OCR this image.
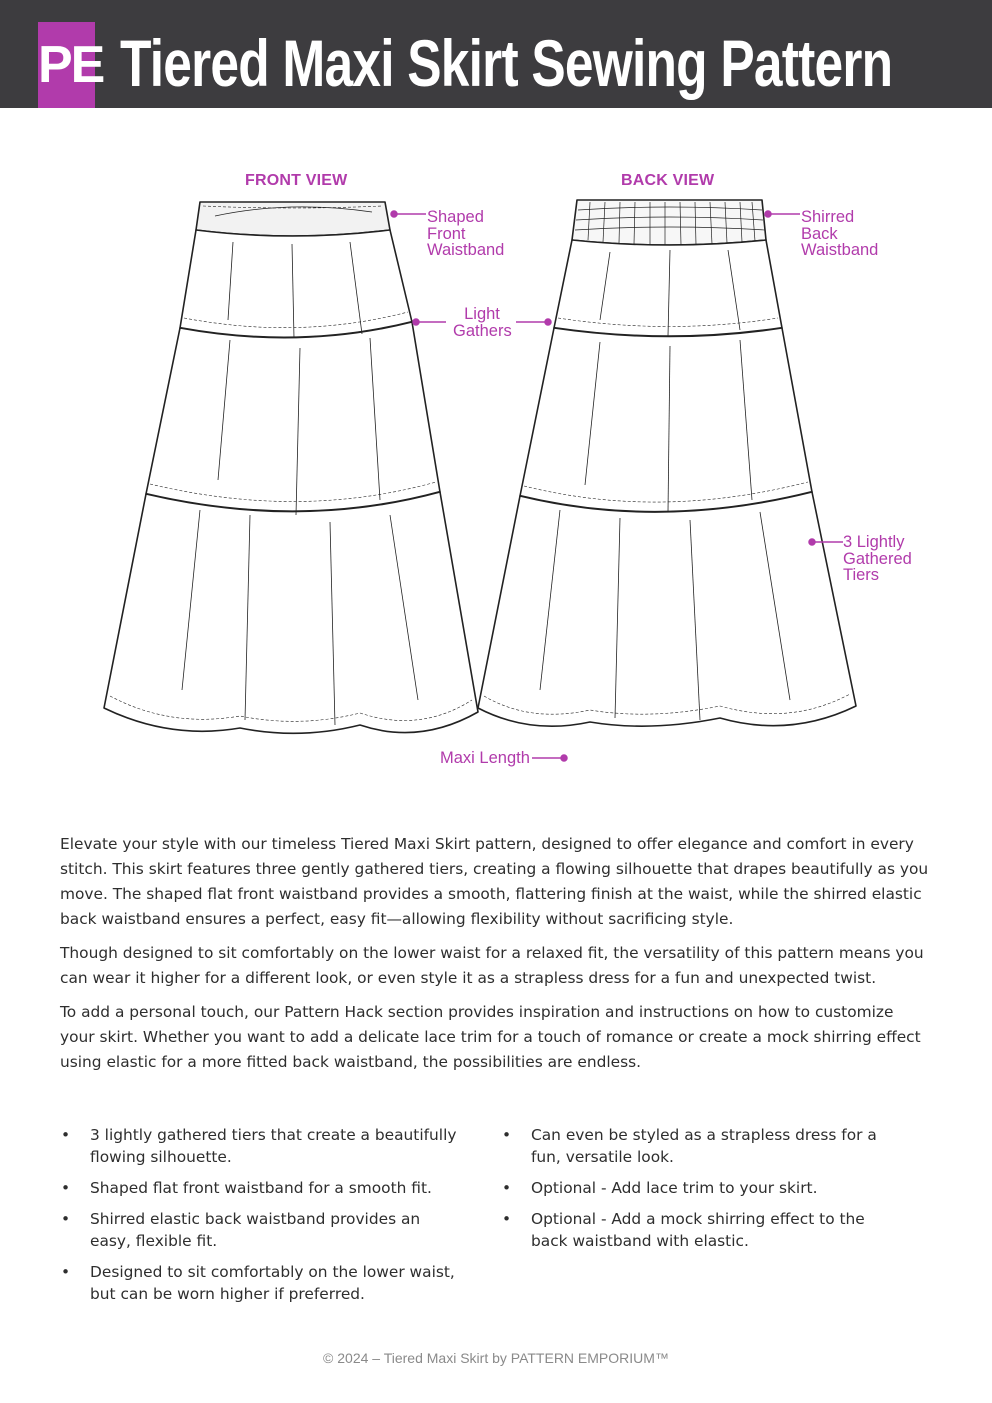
PE Tiered Maxi Skirt Sewing Pattern
FRONT VIEW	BACK VIEW
Shaped
Front
Waistband
Light
Gathers
Shirred
Back
Waistband
3 Lightly
Gathered
Tiers
Maxi Length

Elevate your style with our timeless Tiered Maxi Skirt pattern, designed to offer elegance and comfort in every stitch. This skirt features three gently gathered tiers, creating a flowing silhouette that drapes beautifully as you move. The shaped flat front waistband provides a smooth, flattering finish at the waist, while the shirred elastic back waistband ensures a perfect, easy fit—allowing flexibility without sacrificing style.

Though designed to sit comfortably on the lower waist for a relaxed fit, the versatility of this pattern means you can wear it higher for a different look, or even style it as a strapless dress for a fun and unexpected twist.

To add a personal touch, our Pattern Hack section provides inspiration and instructions on how to customize your skirt. Whether you want to add a delicate lace trim for a touch of romance or create a mock shirring effect using elastic for a more fitted back waistband, the possibilities are endless.

• 3 lightly gathered tiers that create a beautifully flowing silhouette.
• Shaped flat front waistband for a smooth fit.
• Shirred elastic back waistband provides an easy, flexible fit.
• Designed to sit comfortably on the lower waist, but can be worn higher if preferred.
• Can even be styled as a strapless dress for a fun, versatile look.
• Optional - Add lace trim to your skirt.
• Optional - Add a mock shirring effect to the back waistband with elastic.
© 2024 – Tiered Maxi Skirt by PATTERN EMPORIUM™
